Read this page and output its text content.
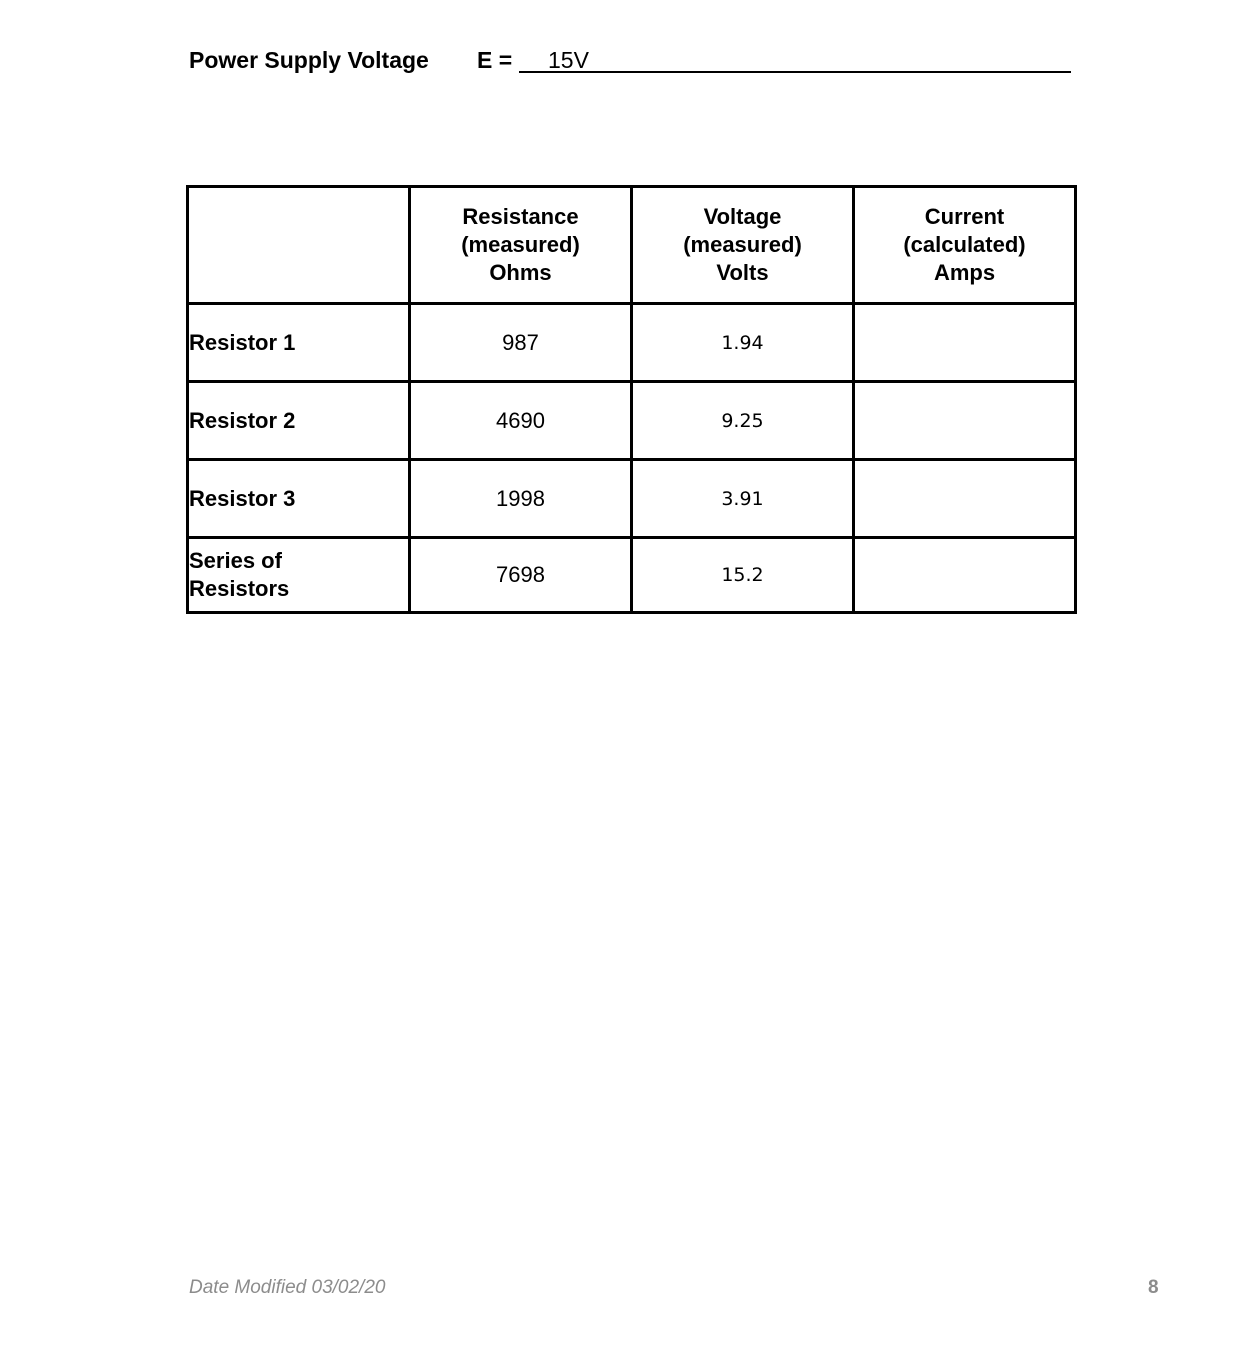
Power Supply Voltage E = 15V

	Resistance
(measured)
Ohms	Voltage
(measured)
Volts	Current
(calculated)
Amps

Resistor 1	987	1.94	

Resistor 2	4690	9.25	

Resistor 3	1998	3.91	

Series of
Resistors	7698	15.2	
Date Modified 03/02/20	8
